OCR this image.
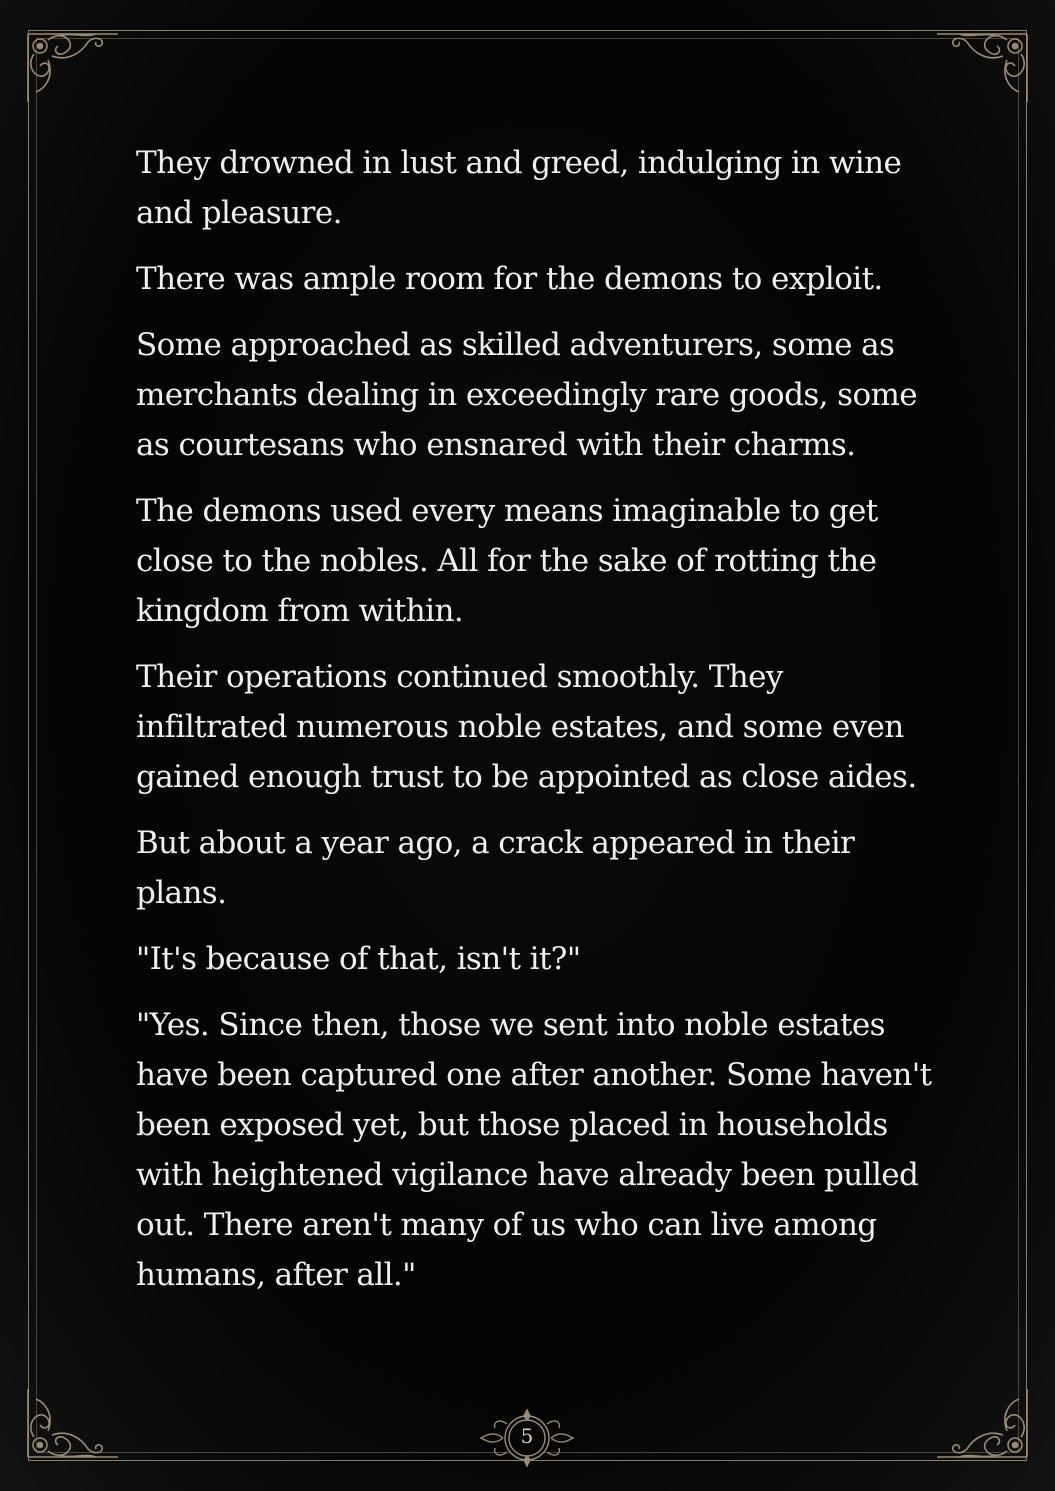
They drowned in lust and greed, indulging in wine and pleasure.

There was ample room for the demons to exploit.

Some approached as skilled adventurers, some as merchants dealing in exceedingly rare goods, some as courtesans who ensnared with their charms.

The demons used every means imaginable to get close to the nobles. All for the sake of rotting the kingdom from within.

Their operations continued smoothly. They infiltrated numerous noble estates, and some even gained enough trust to be appointed as close aides.

But about a year ago, a crack appeared in their plans.

"It's because of that, isn't it?"

"Yes. Since then, those we sent into noble estates have been captured one after another. Some haven't been exposed yet, but those placed in households with heightened vigilance have already been pulled out. There aren't many of us who can live among humans, after all."

5
